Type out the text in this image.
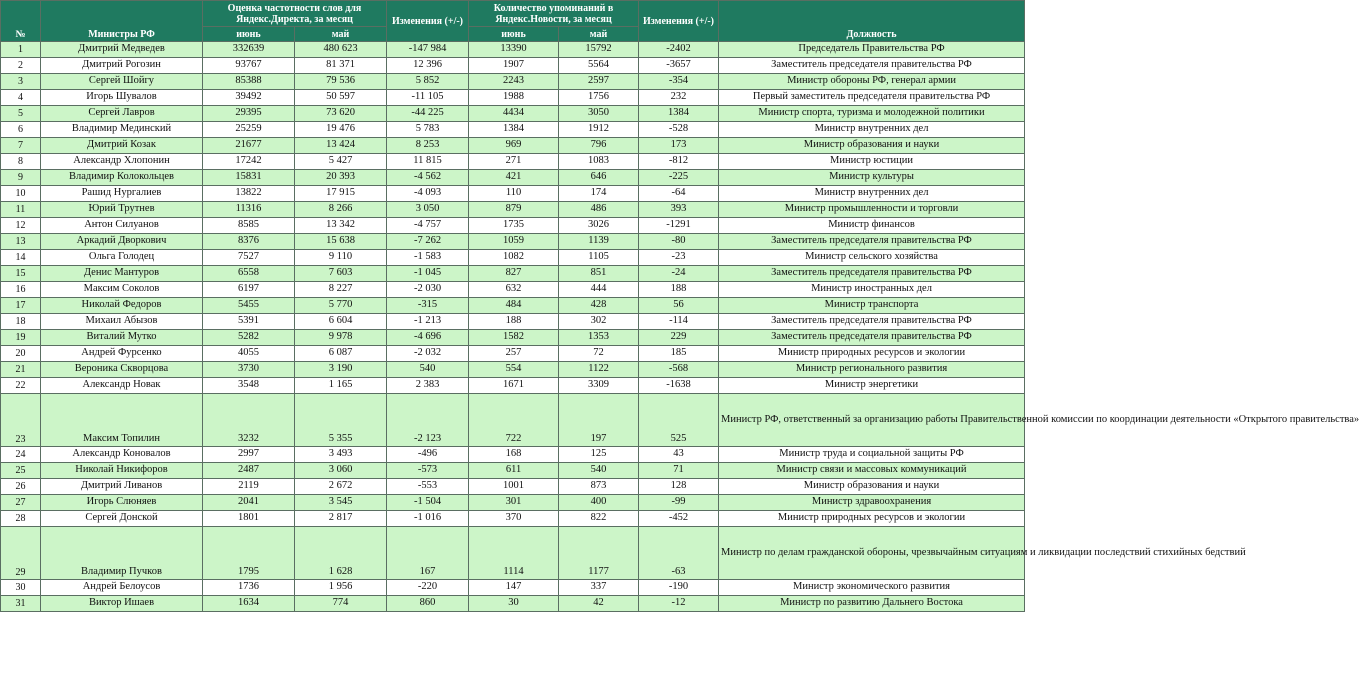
№	Министры РФ	Оценка частотности слов для Яндекс.Директа, за месяц		Изменения (+/-)	Количество упоминаний в Яндекс.Новости, за месяц		Изменения (+/-)	Должность
		июнь	май		июнь	май		
1	Дмитрий Медведев	332639	480 623	-147 984	13390	15792	-2402	Председатель Правительства РФ
2	Дмитрий Рогозин	93767	81 371	12 396	1907	5564	-3657	Заместитель председателя правительства РФ
3	Сергей Шойгу	85388	79 536	5 852	2243	2597	-354	Министр обороны РФ, генерал армии
4	Игорь Шувалов	39492	50 597	-11 105	1988	1756	232	Первый заместитель председателя правительства РФ
5	Сергей Лавров	29395	73 620	-44 225	4434	3050	1384	Министр спорта, туризма и молодежной политики
6	Владимир Мединский	25259	19 476	5 783	1384	1912	-528	Министр внутренних дел
7	Дмитрий Козак	21677	13 424	8 253	969	796	173	Министр образования и науки
8	Александр Хлопонин	17242	5 427	11 815	271	1083	-812	Министр юстиции
9	Владимир Колокольцев	15831	20 393	-4 562	421	646	-225	Министр культуры
10	Рашид Нургалиев	13822	17 915	-4 093	110	174	-64	Министр внутренних дел
11	Юрий Трутнев	11316	8 266	3 050	879	486	393	Министр промышленности и торговли
12	Антон Силуанов	8585	13 342	-4 757	1735	3026	-1291	Министр финансов
13	Аркадий Дворкович	8376	15 638	-7 262	1059	1139	-80	Заместитель председателя правительства РФ
14	Ольга Голодец	7527	9 110	-1 583	1082	1105	-23	Министр сельского хозяйства
15	Денис Мантуров	6558	7 603	-1 045	827	851	-24	Заместитель председателя правительства РФ
16	Максим Соколов	6197	8 227	-2 030	632	444	188	Министр иностранных дел
17	Николай Федоров	5455	5 770	-315	484	428	56	Министр транспорта
18	Михаил Абызов	5391	6 604	-1 213	188	302	-114	Заместитель председателя правительства РФ
19	Виталий Мутко	5282	9 978	-4 696	1582	1353	229	Заместитель председателя правительства РФ
20	Андрей Фурсенко	4055	6 087	-2 032	257	72	185	Министр природных ресурсов и экологии
21	Вероника Скворцова	3730	3 190	540	554	1122	-568	Министр регионального развития
22	Александр Новак	3548	1 165	2 383	1671	3309	-1638	Министр энергетики
23	Максим Топилин	3232	5 355	-2 123	722	197	525	Министр РФ, ответственный за организацию работы Правительственной комиссии по координации деятельности «Открытого правительства»
24	Александр Коновалов	2997	3 493	-496	168	125	43	Министр труда и социальной защиты РФ
25	Николай Никифоров	2487	3 060	-573	611	540	71	Министр связи и массовых коммуникаций
26	Дмитрий Ливанов	2119	2 672	-553	1001	873	128	Министр образования и науки
27	Игорь Слюняев	2041	3 545	-1 504	301	400	-99	Министр здравоохранения
28	Сергей Донской	1801	2 817	-1 016	370	822	-452	Министр природных ресурсов и экологии
29	Владимир Пучков	1795	1 628	167	1114	1177	-63	Министр по делам гражданской обороны, чрезвычайным ситуациям и ликвидации последствий стихийных бедствий
30	Андрей Белоусов	1736	1 956	-220	147	337	-190	Министр экономического развития
31	Виктор Ишаев	1634	774	860	30	42	-12	Министр по развитию Дальнего Востока
